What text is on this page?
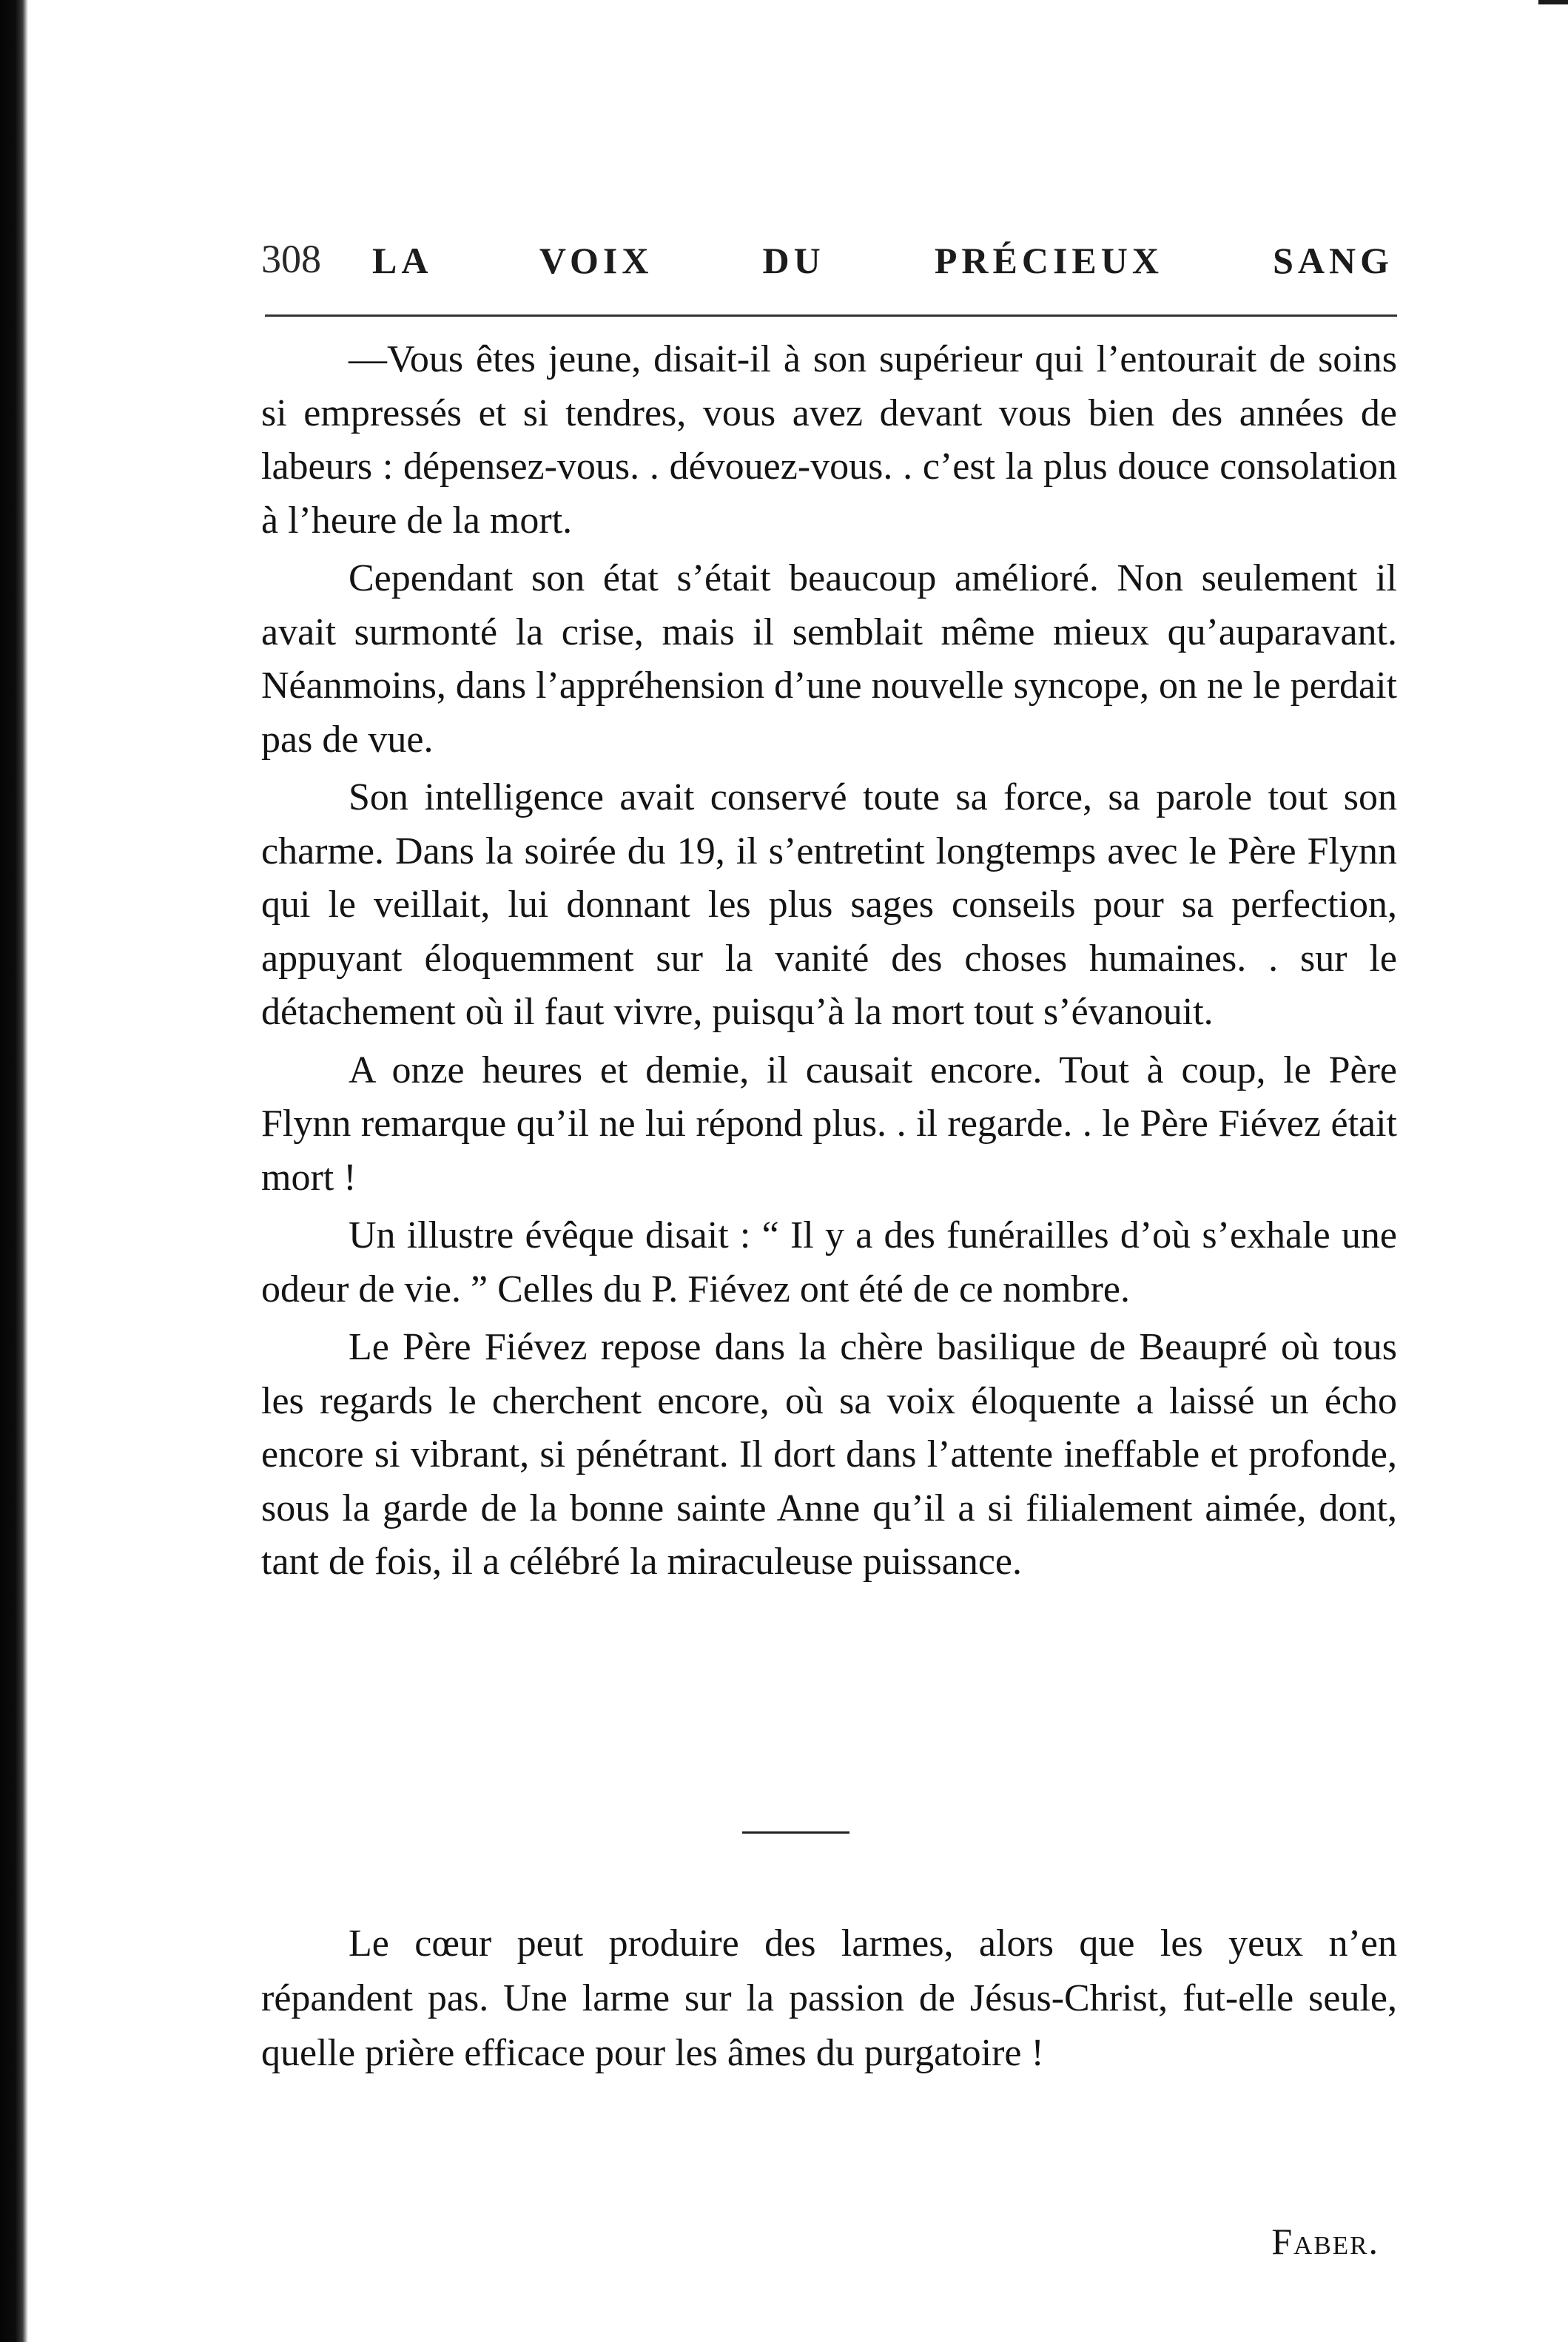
308 LA VOIX DU PRÉCIEUX SANG

—Vous êtes jeune, disait-il à son supérieur qui l’entourait de soins si empressés et si tendres, vous avez devant vous bien des années de labeurs : dépensez-vous. . dévouez-vous. . c’est la plus douce consolation à l’heure de la mort.

Cependant son état s’était beaucoup amélioré. Non seulement il avait surmonté la crise, mais il semblait même mieux qu’auparavant. Néanmoins, dans l’appréhension d’une nouvelle syncope, on ne le perdait pas de vue.

Son intelligence avait conservé toute sa force, sa parole tout son charme. Dans la soirée du 19, il s’entretint longtemps avec le Père Flynn qui le veillait, lui donnant les plus sages conseils pour sa perfection, appuyant éloquemment sur la vanité des choses humaines. . sur le détachement où il faut vivre, puisqu’à la mort tout s’évanouit.

A onze heures et demie, il causait encore. Tout à coup, le Père Flynn remarque qu’il ne lui répond plus. . il regarde. . le Père Fiévez était mort !

Un illustre évêque disait : “ Il y a des funérailles d’où s’exhale une odeur de vie. ” Celles du P. Fiévez ont été de ce nombre.

Le Père Fiévez repose dans la chère basilique de Beaupré où tous les regards le cherchent encore, où sa voix éloquente a laissé un écho encore si vibrant, si pénétrant. Il dort dans l’attente ineffable et profonde, sous la garde de la bonne sainte Anne qu’il a si filialement aimée, dont, tant de fois, il a célébré la miraculeuse puissance.

Le cœur peut produire des larmes, alors que les yeux n’en répandent pas. Une larme sur la passion de Jésus-Christ, fut-elle seule, quelle prière efficace pour les âmes du purgatoire !

Faber.
